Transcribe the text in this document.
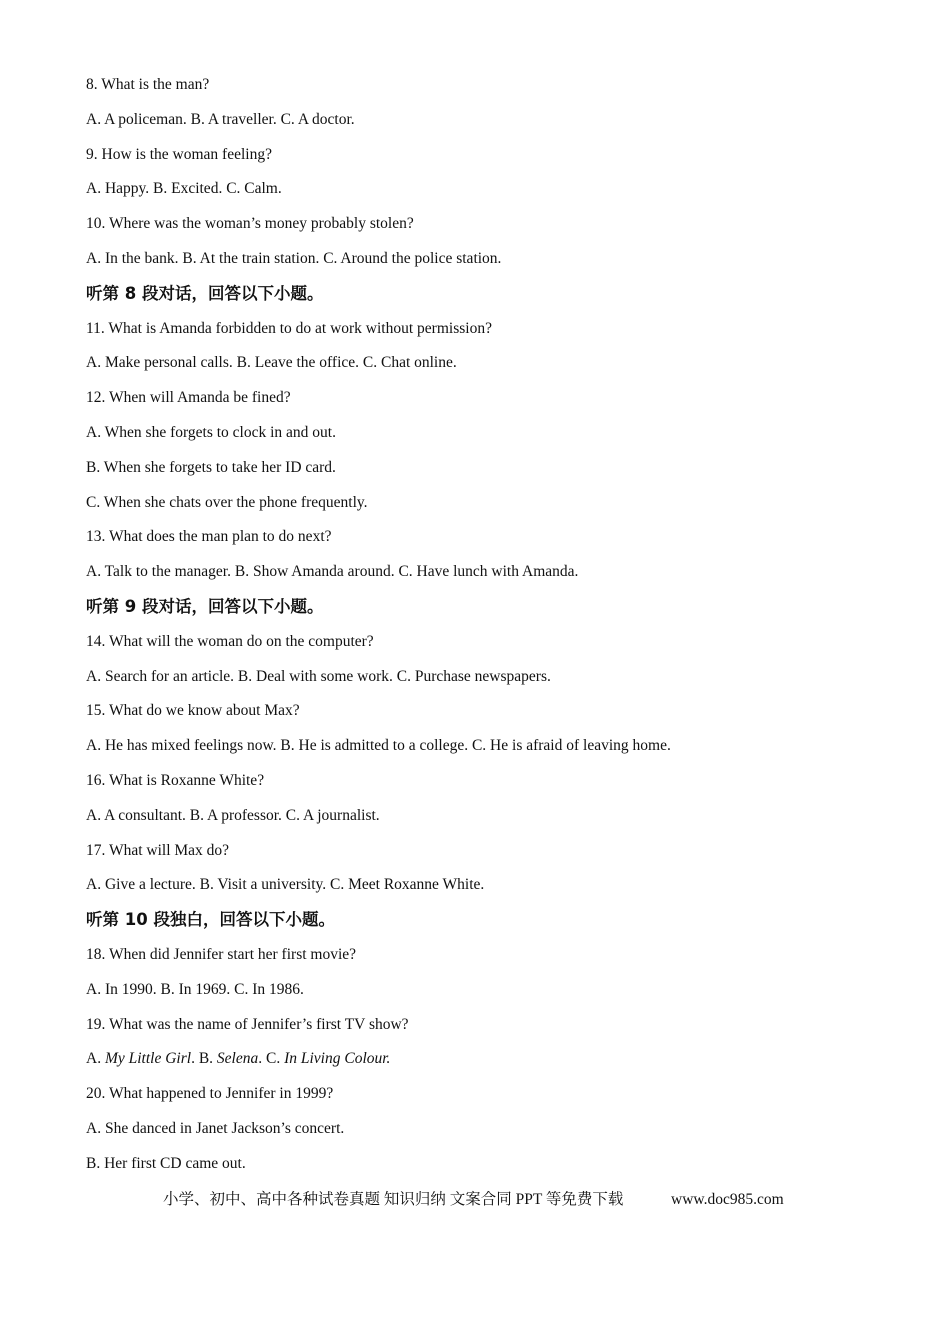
8. What is the man?
A. A policeman. B. A traveller. C. A doctor.
9. How is the woman feeling?
A. Happy. B. Excited. C. Calm.
10. Where was the woman’s money probably stolen?
A. In the bank. B. At the train station. C. Around the police station.
听第 8 段对话，回答以下小题。
11. What is Amanda forbidden to do at work without permission?
A. Make personal calls. B. Leave the office. C. Chat online.
12. When will Amanda be fined?
A. When she forgets to clock in and out.
B. When she forgets to take her ID card.
C. When she chats over the phone frequently.
13. What does the man plan to do next?
A. Talk to the manager. B. Show Amanda around. C. Have lunch with Amanda.
听第 9 段对话，回答以下小题。
14. What will the woman do on the computer?
A. Search for an article. B. Deal with some work. C. Purchase newspapers.
15. What do we know about Max?
A. He has mixed feelings now. B. He is admitted to a college. C. He is afraid of leaving home.
16. What is Roxanne White?
A. A consultant. B. A professor. C. A journalist.
17. What will Max do?
A. Give a lecture. B. Visit a university. C. Meet Roxanne White.
听第 10 段独白，回答以下小题。
18. When did Jennifer start her first movie?
A. In 1990. B. In 1969. C. In 1986.
19. What was the name of Jennifer’s first TV show?
A. My Little Girl. B. Selena. C. In Living Colour.
20. What happened to Jennifer in 1999?
A. She danced in Janet Jackson’s concert.
B. Her first CD came out.
小学、初中、高中各种试卷真题 知识归纳 文案合同 PPT 等免费下载	www.doc985.com
